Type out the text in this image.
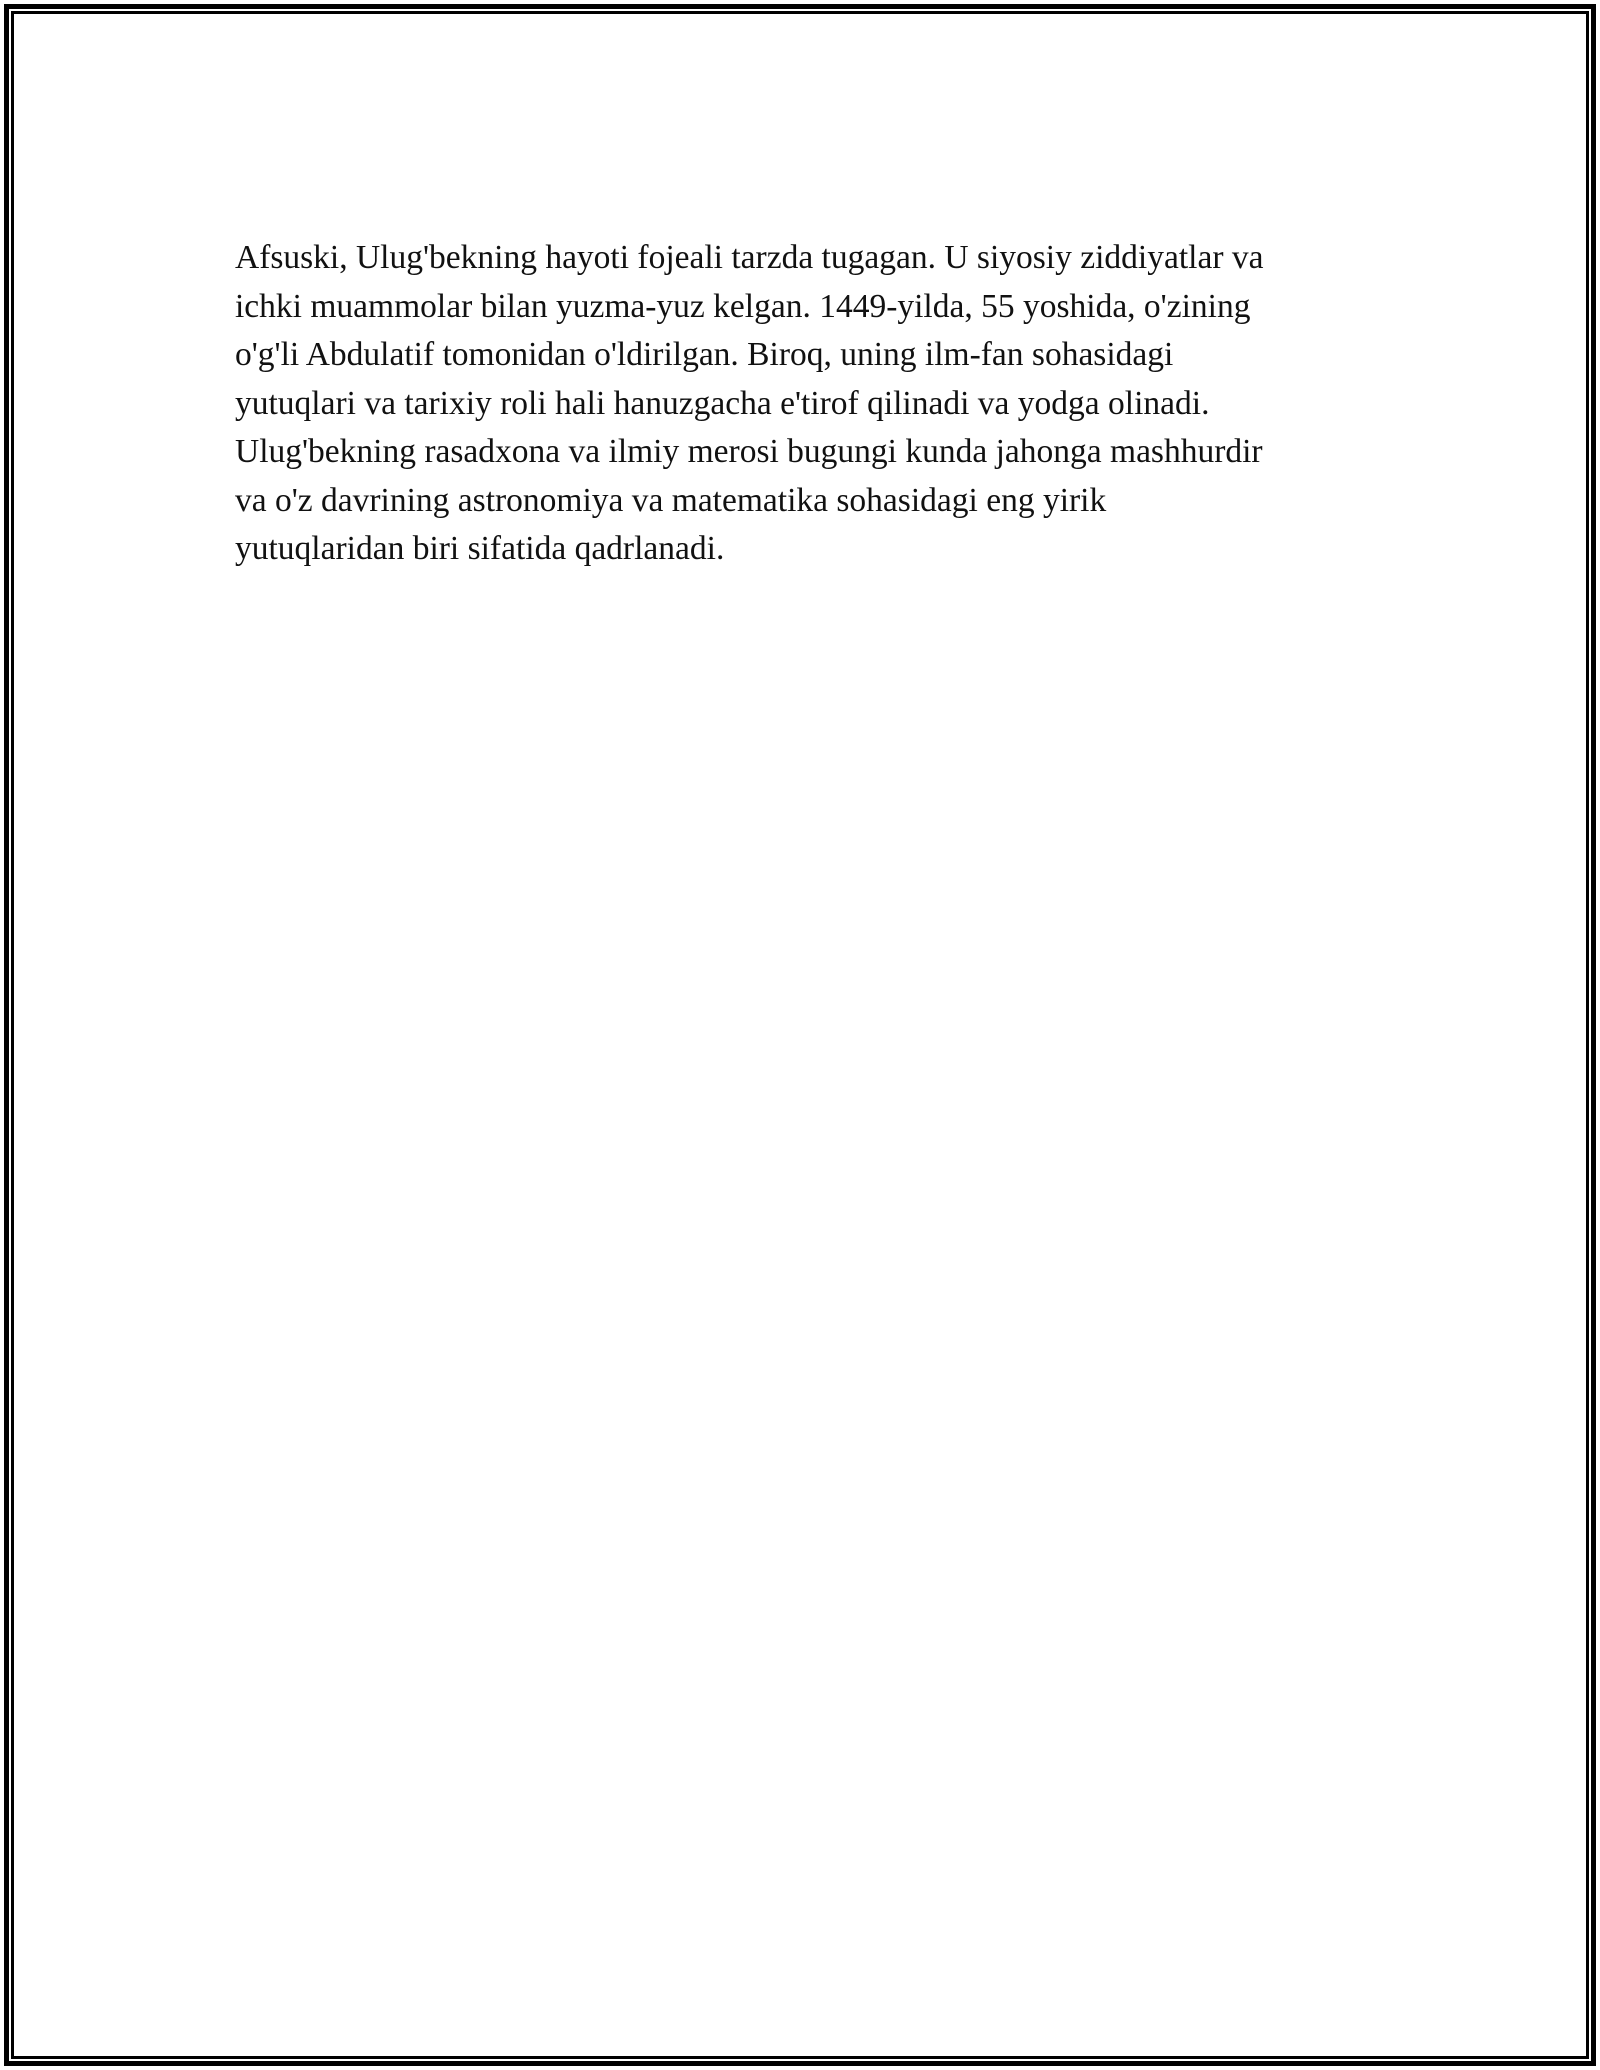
Afsuski, Ulug'bekning hayoti fojeali tarzda tugagan. U siyosiy ziddiyatlar va
ichki muammolar bilan yuzma-yuz kelgan. 1449-yilda, 55 yoshida, o'zining
o'g'li Abdulatif tomonidan o'ldirilgan. Biroq, uning ilm-fan sohasidagi
yutuqlari va tarixiy roli hali hanuzgacha e'tirof qilinadi va yodga olinadi.
Ulug'bekning rasadxona va ilmiy merosi bugungi kunda jahonga mashhurdir
va o'z davrining astronomiya va matematika sohasidagi eng yirik
yutuqlaridan biri sifatida qadrlanadi.
